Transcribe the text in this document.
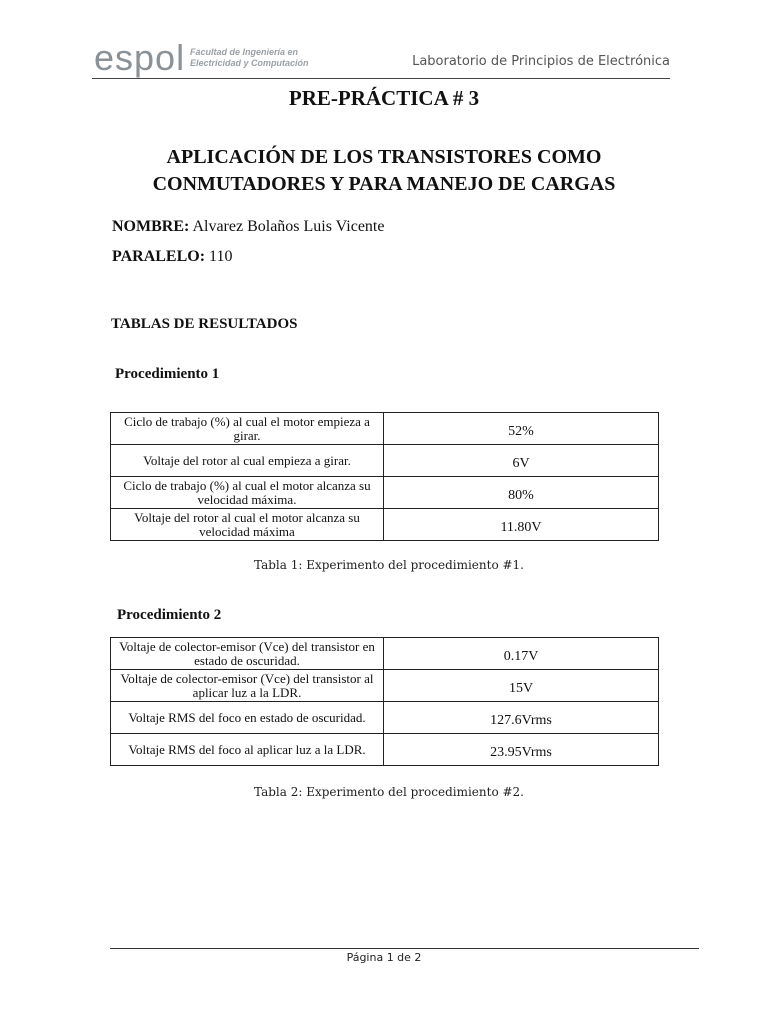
espol Facultad de Ingeniería en
Electricidad y Computación	Laboratorio de Principios de Electrónica
PRE-PRÁCTICA # 3
APLICACIÓN DE LOS TRANSISTORES COMO
CONMUTADORES Y PARA MANEJO DE CARGAS
NOMBRE: Alvarez Bolaños Luis Vicente
PARALELO: 110
TABLAS DE RESULTADOS
Procedimiento 1
Ciclo de trabajo (%) al cual el motor empieza a girar.	52%
Voltaje del rotor al cual empieza a girar.	6V
Ciclo de trabajo (%) al cual el motor alcanza su velocidad máxima.	80%
Voltaje del rotor al cual el motor alcanza su velocidad máxima	11.80V
Tabla 1: Experimento del procedimiento #1.
Procedimiento 2
Voltaje de colector-emisor (Vce) del transistor en estado de oscuridad.	0.17V
Voltaje de colector-emisor (Vce) del transistor al aplicar luz a la LDR.	15V
Voltaje RMS del foco en estado de oscuridad.	127.6Vrms
Voltaje RMS del foco al aplicar luz a la LDR.	23.95Vrms
Tabla 2: Experimento del procedimiento #2.
Página 1 de 2
